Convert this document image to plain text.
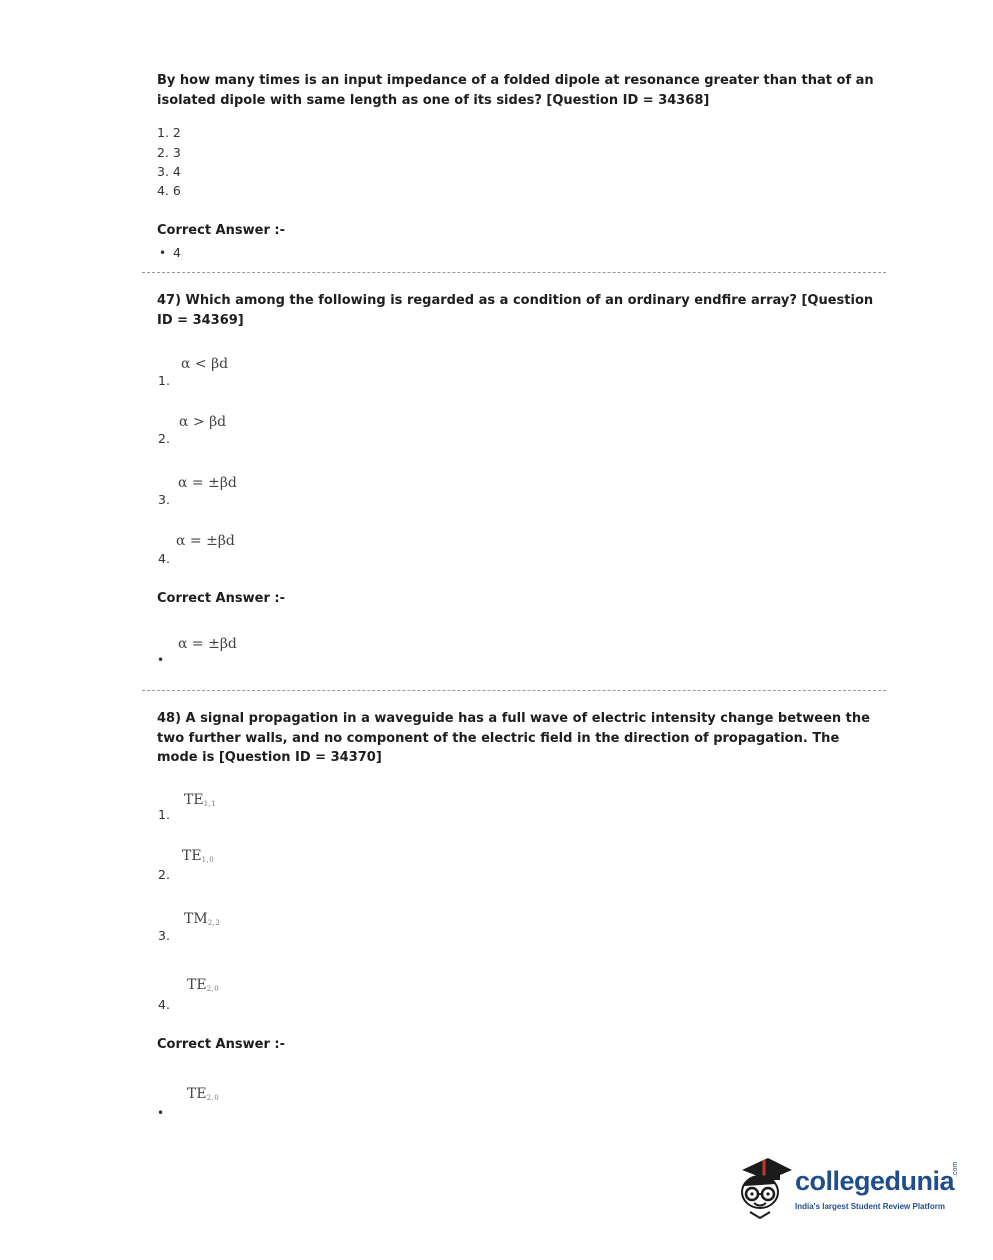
By how many times is an input impedance of a folded dipole at resonance greater than that of an isolated dipole with same length as one of its sides? [Question ID = 34368]
1. 2
2. 3
3. 4
4. 6
Correct Answer :-
• 4
47) Which among the following is regarded as a condition of an ordinary endfire array? [Question ID = 34369]
α < βd
1.
α > βd
2.
α = ±βd
3.
α = ±βd
4.
Correct Answer :-
α = ±βd
•
48) A signal propagation in a waveguide has a full wave of electric intensity change between the two further walls, and no component of the electric field in the direction of propagation. The mode is [Question ID = 34370]
$TE_{1,1}$
1.
$TE_{1,0}$
2.
$TM_{2,2}$
3.
$TE_{2,0}$
4.
Correct Answer :-
$TE_{2,0}$
•
collegedunia
.com
India's largest Student Review Platform
